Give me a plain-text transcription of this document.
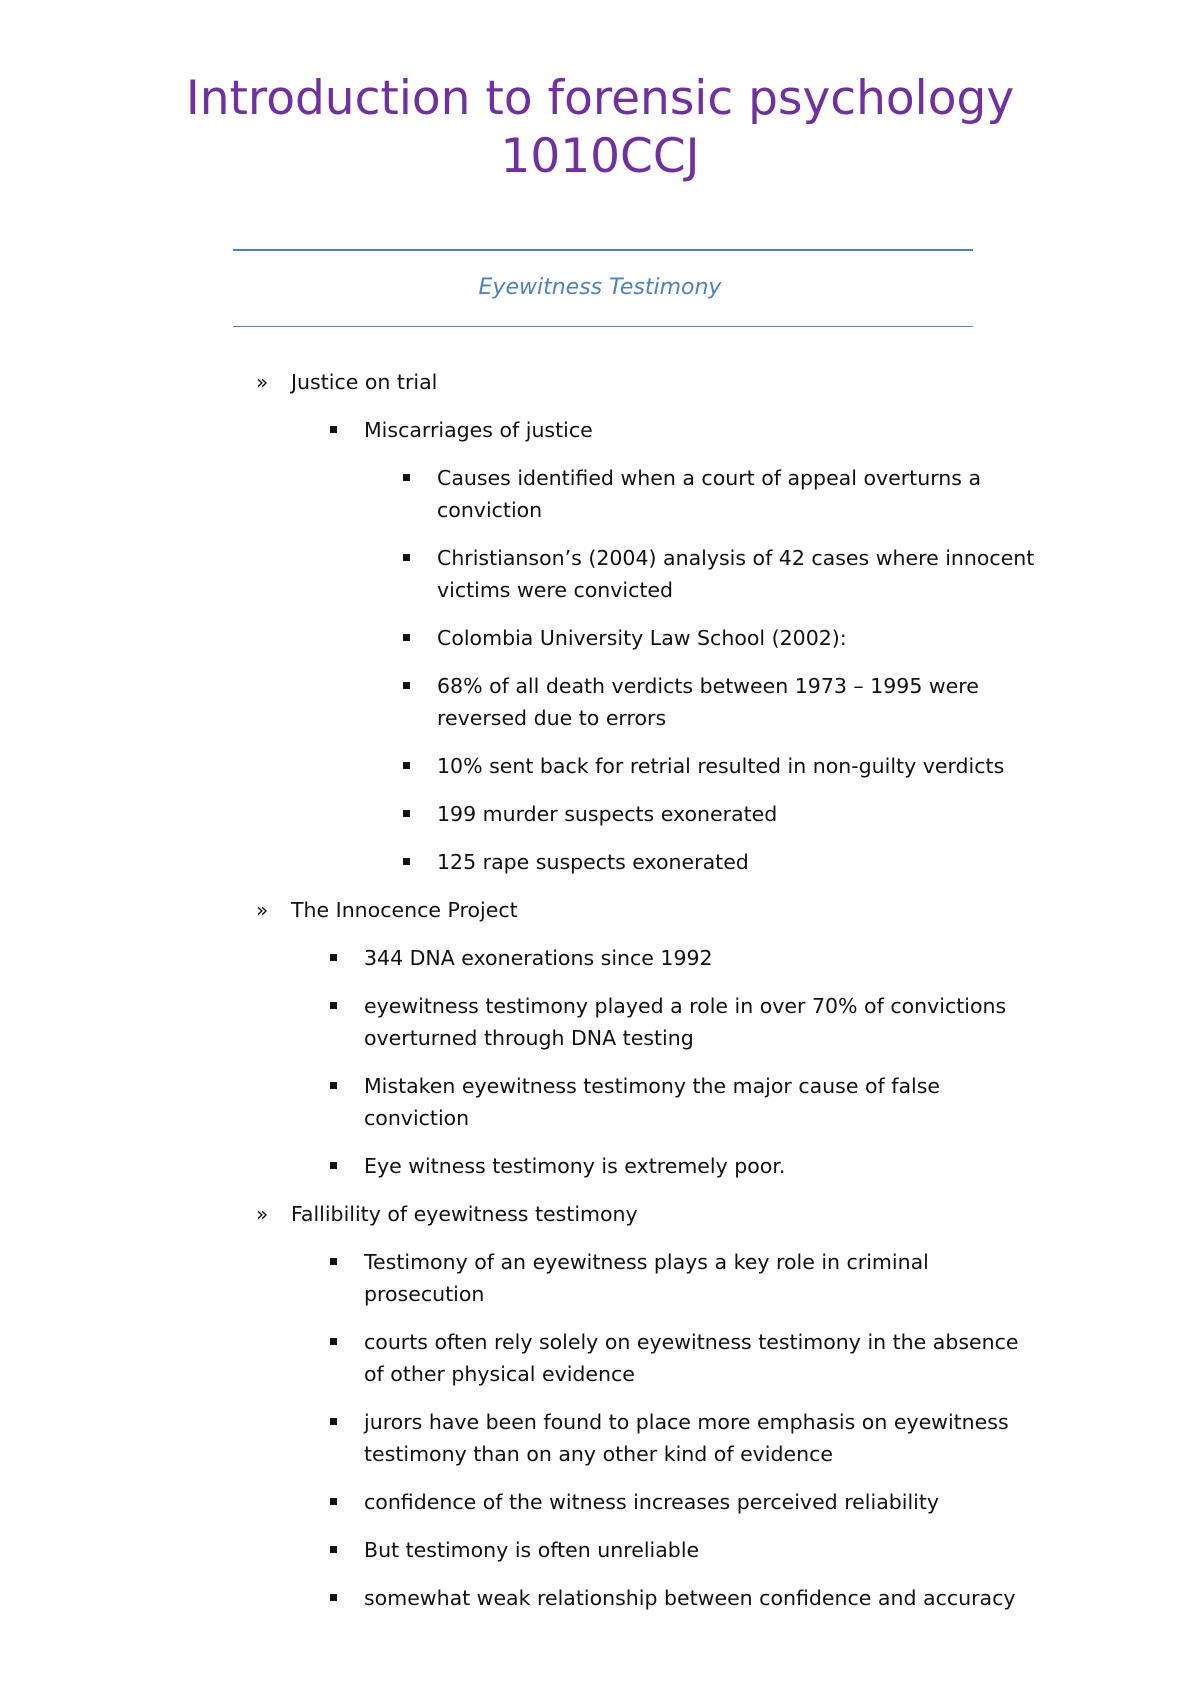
Introduction to forensic psychology
1010CCJ
Eyewitness Testimony
» Justice on trial
Miscarriages of justice
Causes identified when a court of appeal overturns a conviction
Christianson’s (2004) analysis of 42 cases where innocent victims were convicted
Colombia University Law School (2002):
68% of all death verdicts between 1973 – 1995 were reversed due to errors
10% sent back for retrial resulted in non-guilty verdicts
199 murder suspects exonerated
125 rape suspects exonerated
» The Innocence Project
344 DNA exonerations since 1992
eyewitness testimony played a role in over 70% of convictions overturned through DNA testing
Mistaken eyewitness testimony the major cause of false conviction
Eye witness testimony is extremely poor.
» Fallibility of eyewitness testimony
Testimony of an eyewitness plays a key role in criminal prosecution
courts often rely solely on eyewitness testimony in the absence of other physical evidence
jurors have been found to place more emphasis on eyewitness testimony than on any other kind of evidence
confidence of the witness increases perceived reliability
But testimony is often unreliable
somewhat weak relationship between confidence and accuracy
